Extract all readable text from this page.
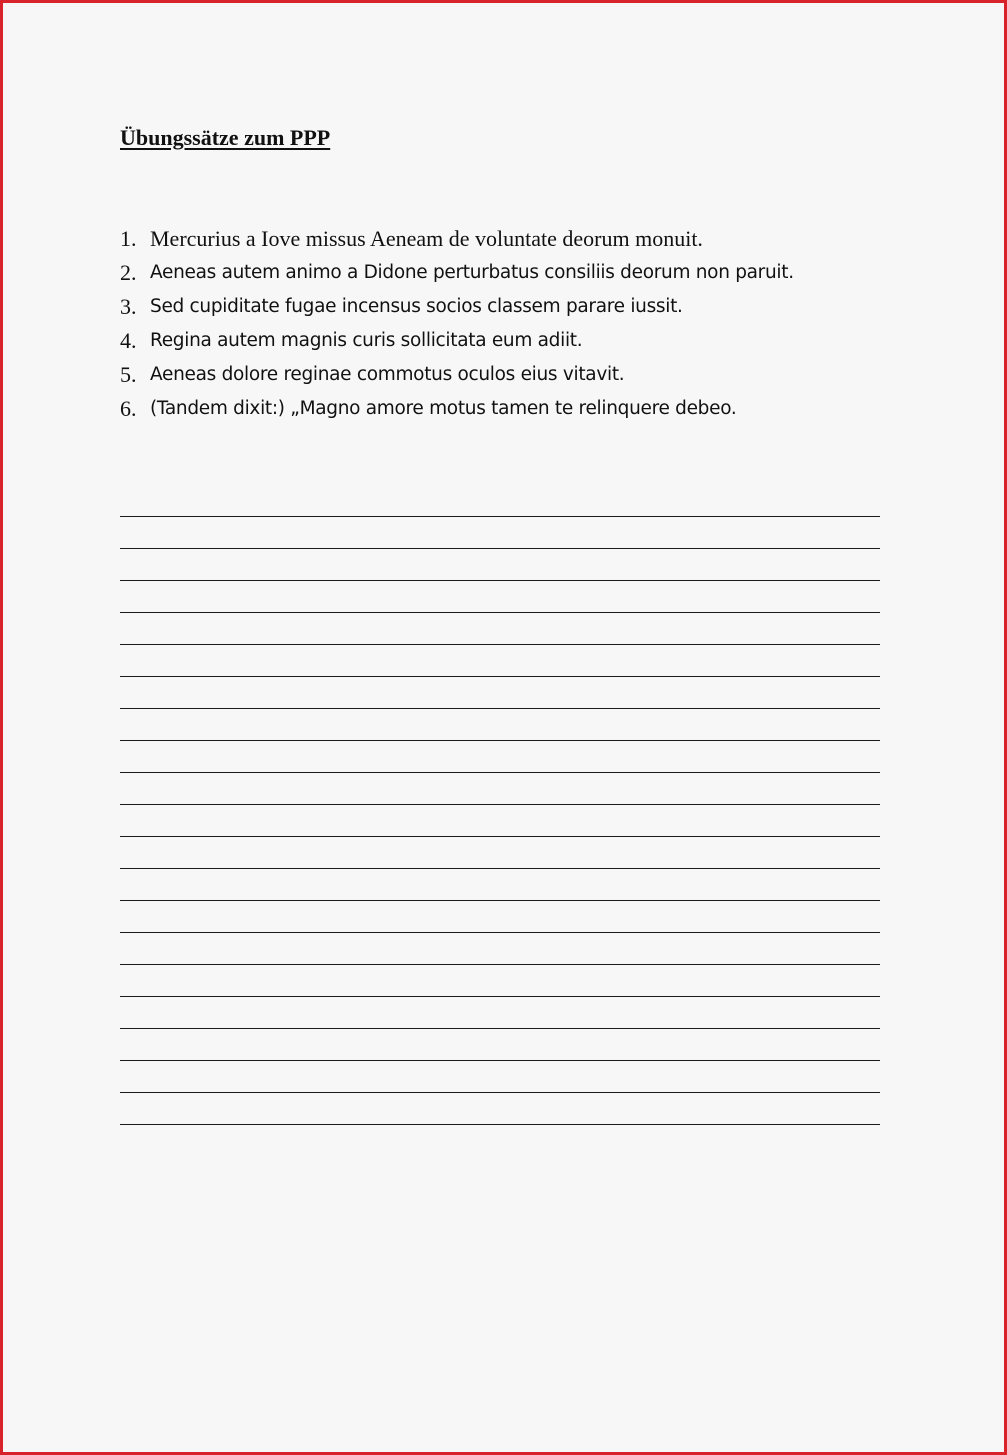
Übungssätze zum PPP
1. Mercurius a Iove missus Aeneam de voluntate deorum monuit.
2. Aeneas autem animo a Didone perturbatus consiliis deorum non paruit.
3. Sed cupiditate fugae incensus socios classem parare iussit.
4. Regina autem magnis curis sollicitata eum adiit.
5. Aeneas dolore reginae commotus oculos eius vitavit.
6. (Tandem dixit:) „Magno amore motus tamen te relinquere debeo.
